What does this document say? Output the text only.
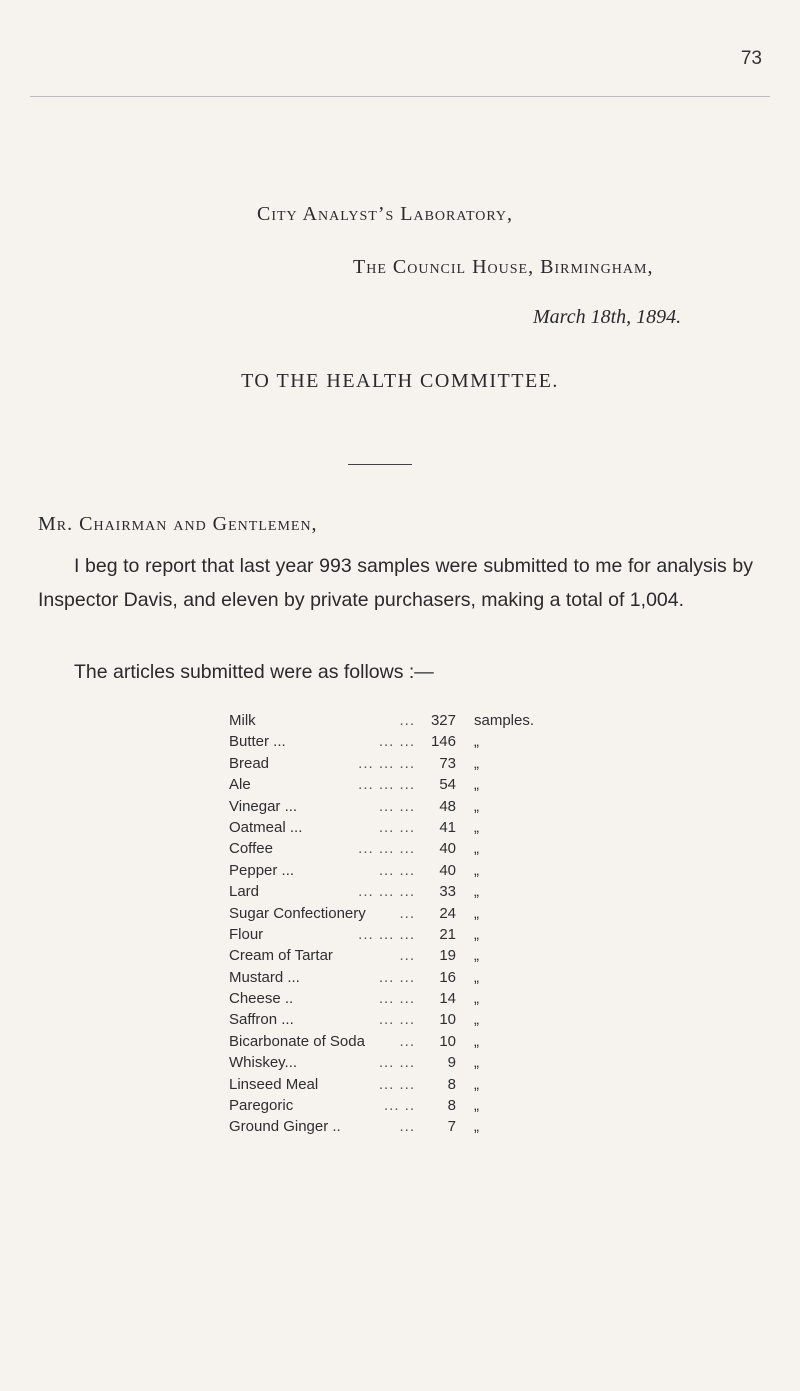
73
City Analyst’s Laboratory,
The Council House, Birmingham,
March 18th, 1894.
TO THE HEALTH COMMITTEE.
Mr. Chairman and Gentlemen,
I beg to report that last year 993 samples were submitted to me for analysis by Inspector Davis, and eleven by private purchasers, making a total of 1,004.
The articles submitted were as follows :—
Milk	...	327 samples.
Butter ...	... ...	146 „
Bread	... ... ...	73 „
Ale	... ... ...	54 „
Vinegar ...	... ...	48 „
Oatmeal ...	... ...	41 „
Coffee	... ... ...	40 „
Pepper ...	... ...	40 „
Lard	... ... ...	33 „
Sugar Confectionery	...	24 „
Flour	... ... ...	21 „
Cream of Tartar	...	19 „
Mustard ...	... ...	16 „
Cheese ..	... ...	14 „
Saffron ...	... ...	10 „
Bicarbonate of Soda	...	10 „
Whiskey...	... ...	9 „
Linseed Meal	... ...	8 „
Paregoric	... ..	8 „
Ground Ginger ..	...	7 „
